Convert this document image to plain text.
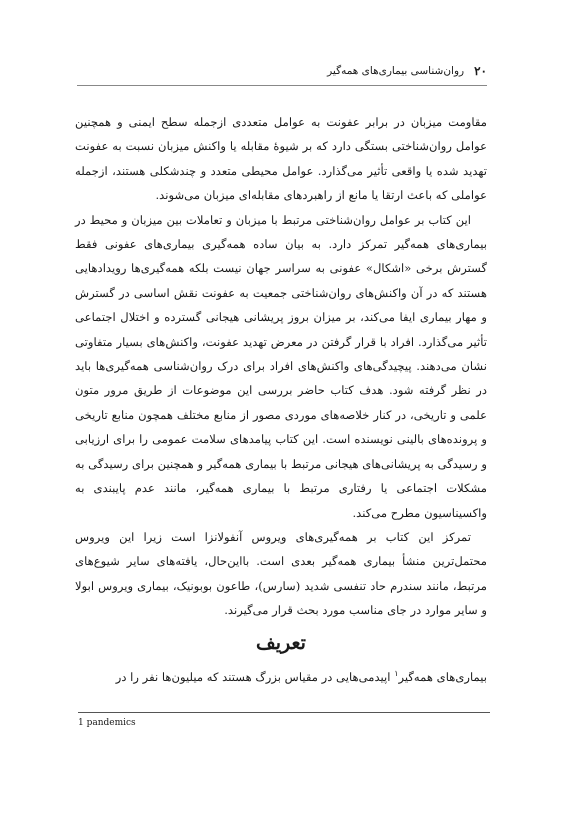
۲۰
روان‌شناسی بیماری‌های همه‌گیر

مقاومت میزبان در برابر عفونت به عوامل متعددی ازجمله سطح ایمنی و همچنین عوامل روان‌شناختی بستگی دارد که بر شیوهٔ مقابله یا واکنش میزبان نسبت به عفونت تهدید شده یا واقعی تأثیر می‌گذارد. عوامل محیطی متعدد و چندشکلی هستند، ازجمله عواملی که باعث ارتقا یا مانع از راهبردهای مقابله‌ای میزبان می‌شوند.

این کتاب بر عوامل روان‌شناختی مرتبط با میزبان و تعاملات بین میزبان و محیط در بیماری‌های همه‌گیر تمرکز دارد. به بیان ساده همه‌گیری بیماری‌های عفونی فقط گسترش برخی «اشکال» عفونی به سراسر جهان نیست بلکه همه‌گیری‌ها رویدادهایی هستند که در آن واکنش‌های روان‌شناختی جمعیت به عفونت نقش اساسی در گسترش و مهار بیماری ایفا می‌کند، بر میزان بروز پریشانی هیجانی گسترده و اختلال اجتماعی تأثیر می‌گذارد. افراد با قرار گرفتن در معرض تهدید عفونت، واکنش‌های بسیار متفاوتی نشان می‌دهند. پیچیدگی‌های واکنش‌های افراد برای درک روان‌شناسی همه‌گیری‌ها باید در نظر گرفته شود. هدف کتاب حاضر بررسی این موضوعات از طریق مرور متون علمی و تاریخی، در کنار خلاصه‌های موردی مصور از منابع مختلف همچون منابع تاریخی و پرونده‌های بالینی نویسنده است. این کتاب پیامدهای سلامت عمومی را برای ارزیابی و رسیدگی به پریشانی‌های هیجانی مرتبط با بیماری همه‌گیر و همچنین برای رسیدگی به مشکلات اجتماعی یا رفتاری مرتبط با بیماری همه‌گیر، مانند عدم پایبندی به واکسیناسیون مطرح می‌کند.

تمرکز این کتاب بر همه‌گیری‌های ویروس آنفولانزا است زیرا این ویروس محتمل‌ترین منشأ بیماری همه‌گیر بعدی است. بااین‌حال، یافته‌های سایر شیوع‌های مرتبط، مانند سندرم حاد تنفسی شدید (سارس)، طاعون بوبونیک، بیماری ویروس ابولا و سایر موارد در جای مناسب مورد بحث قرار می‌گیرند.

تعریف
بیماری‌های همه‌گیر$^۱$ اپیدمی‌هایی در مقیاس بزرگ هستند که میلیون‌ها نفر را در
1 pandemics
